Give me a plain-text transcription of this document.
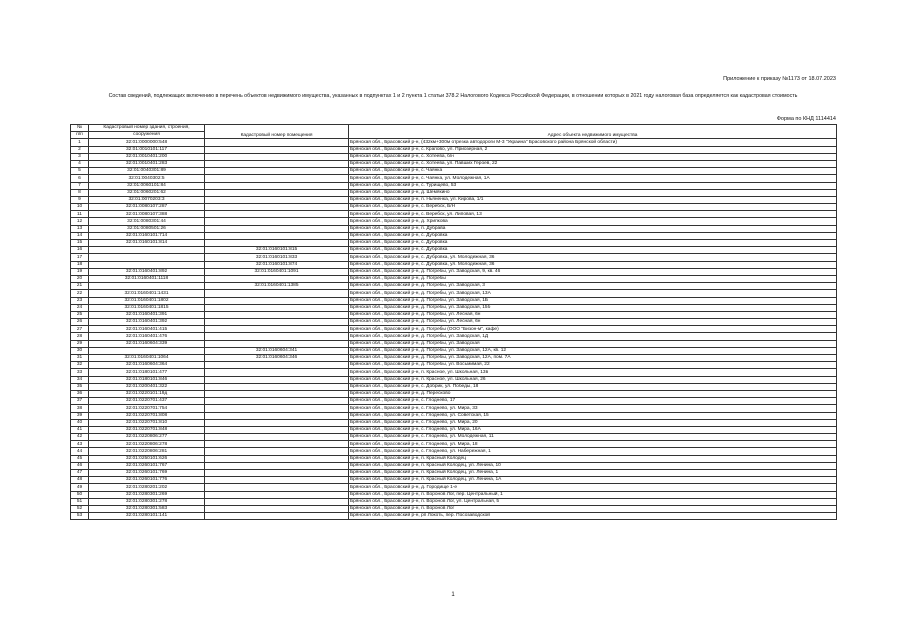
Приложение к приказу №1173 от 18.07.2023
Состав сведений, подлежащих включению в перечень объектов недвижимого имущества, указанных в подпунктах 1 и 2 пункта 1 статьи 378.2 Налогового Кодекса Российской Федерации, в отношении которых в 2021 году налоговая база определяется как кадастровая стоимость
Форма по КНД 1114414
№	Кадастровый номер здания, строения,	Кадастровый номер помещения	Адрес объекта недвижимого имущества
п/п	сооружения		
1	32:01:0000000:548		Брянская обл., Брасовский р-н, (432км+300м отрезка автодороги М-3 "Украина" Брасовского района Брянской области)
2	32:01:0010101:117		Брянская обл., Брасовский р-н, с. Крапово, ул. Приозерная, 2
3	32:01:0010401:200		Брянская обл., Брасовский р-н, с. Хотеева, б/н
4	32:01:0010401:283		Брянская обл., Брасовский р-н, с. Хотеева, ул. Павших Героев, 22
5	32:01:0040301:89		Брянская обл., Брасовский р-н, с. Чаянка
6	32:01:0040302:5		Брянская обл., Брасовский р-н, с. Чаянка, ул. Молодежная, 1А
7	32:01:0060101:84		Брянская обл., Брасовский р-н, с. Турищево, 53
8	32:01:0060201:62		Брянская обл., Брасовский р-н, д. Шемякино
9	32:01:0070203:3		Брянская обл., Брасовский р-н, п. Ньяненка, ул. Кирова, 1/1
10	32:01:0080107:287		Брянская обл., Брасовский р-н, с. Веребск, Б/Н
11	32:01:0080107:388		Брянская обл., Брасовский р-н, с. Веребск, ул. Липовая, 13
12	32:01:0080301:44		Брянская обл., Брасовский р-н, д. Хрипкова
13	32:01:0080501:26		Брянская обл., Брасовский р-н, п. Дубрава
14	32:01:0160101:714		Брянская обл., Брасовский р-н, с. Дубровка
15	32:01:0160101:814		Брянская обл., Брасовский р-н, с. Дубровка
16		32:01:0160101:815	Брянская обл., Брасовский р-н, с. Дубровка
17		32:01:0160101:833	Брянская обл., Брасовский р-н, с. Дубровка, ул. Молодежная, 36
18		32:01:0160101:874	Брянская обл., Брасовский р-н, с. Дубровка, ул. Молодежная, 36
19	32:01:0160401:892	32:01:0160401:1091	Брянская обл., Брасовский р-н, д. Погребы, ул. Заводская, 9, кв. 46
20	32:01:0160401:1118		Брянская обл., Брасовский р-н, д. Погребы
21		32:01:0160401:1385	Брянская обл., Брасовский р-н, д. Погребы, ул. Заводская, 3
22	32:01:0160401:1431		Брянская обл., Брасовский р-н, д. Погребы, ул. Заводская, 13А
23	32:01:0160401:1802		Брянская обл., Брасовский р-н, д. Погребы, ул. Заводская, 1Б
24	32:01:0160401:1815		Брянская обл., Брасовский р-н, д. Погребы, ул. Заводская, 15б
25	32:01:0160401:391		Брянская обл., Брасовский р-н, д. Погребы, ул. Лесная, 6н
26	32:01:0160401:392		Брянская обл., Брасовский р-н, д. Погребы, ул. Лесная, 6н
27	32:01:0160401:415		Брянская обл., Брасовский р-н, д. Погребы (ООО "Бизон-м", кафе)
28	32:01:0160401:476		Брянская обл., Брасовский р-н, д. Погребы, ул. Заводская, 1Д
29	32:01:0160604:339		Брянская обл., Брасовский р-н, д. Погребы, ул. Заводская
30		32:01:0160604:341	Брянская обл., Брасовский р-н, д. Погребы, ул. Заводская, 12А, кв. 12
31	32:01:0160401:1064	32:01:0160604:346	Брянская обл., Брасовский р-н, д. Погребы, ул. Заводская, 12А, пом. 7А
32	32:01:0160604:364		Брянская обл., Брасовский р-н, д. Погребы, ул. Восьмимая, 22
33	32:01:0180101:477		Брянская обл., Брасовский р-н, п. Красное, ул. Школьная, 13в
34	32:01:0180101:846		Брянская обл., Брасовский р-н, п. Красное, ул. Школьная, 26
35	32:01:0200401:322		Брянская обл., Брасовский р-н, с. Добрик, ул. Победы, 18
36	32:01:0220101:19д		Брянская обл., Брасовский р-н, д. Пересково
37	32:01:0220701:437		Брянская обл., Брасовский р-н, с. Глоднево, 17
38	32:01:0220701:754		Брянская обл., Брасовский р-н, с. Глоднево, ул. Мира, 33
39	32:01:0220701:808		Брянская обл., Брасовский р-н, с. Глоднево, ул. Советская, 15
40	32:01:0220701:810		Брянская обл., Брасовский р-н, с. Глоднево, ул. Мира, 20
41	32:01:0220701:848		Брянская обл., Брасовский р-н, с. Глоднево, ул. Мира, 16А
42	32:01:0220806:277		Брянская обл., Брасовский р-н, с. Глоднево, ул. Молодежная, 11
43	32:01:0220806:278		Брянская обл., Брасовский р-н, с. Глоднево, ул. Мира, 18
44	32:01:0220806:281		Брянская обл., Брасовский р-н, с. Глоднево, ул. Набережная, 1
45	32:01:0250101:626		Брянская обл., Брасовский р-н, п. Красный Колодец
46	32:01:0260101:767		Брянская обл., Брасовский р-н, п. Красный Колодец, ул. Ленина, 10
47	32:01:0260101:769		Брянская обл., Брасовский р-н, п. Красный Колодец, ул. Ленина, 1
48	32:01:0260101:776		Брянская обл., Брасовский р-н, п. Красный Колодец, ул. Ленина, 1А
49	32:01:0280201:202		Брянская обл., Брасовский р-н, д. Городище 1-е
50	32:01:0280301:269		Брянская обл., Брасовский р-н, п. Воронов Лог, пер. Центральный, 1
51	32:01:0280301:278		Брянская обл., Брасовский р-н, п. Воронов Лог, ул. Центральная, 5
52	32:01:0280301:583		Брянская обл., Брасовский р-н, п. Воронов Лог
53	32:01:0280101:141		Брянская обл., Брасовский р-н, рп Локоть, пер. Посозаводской
1
